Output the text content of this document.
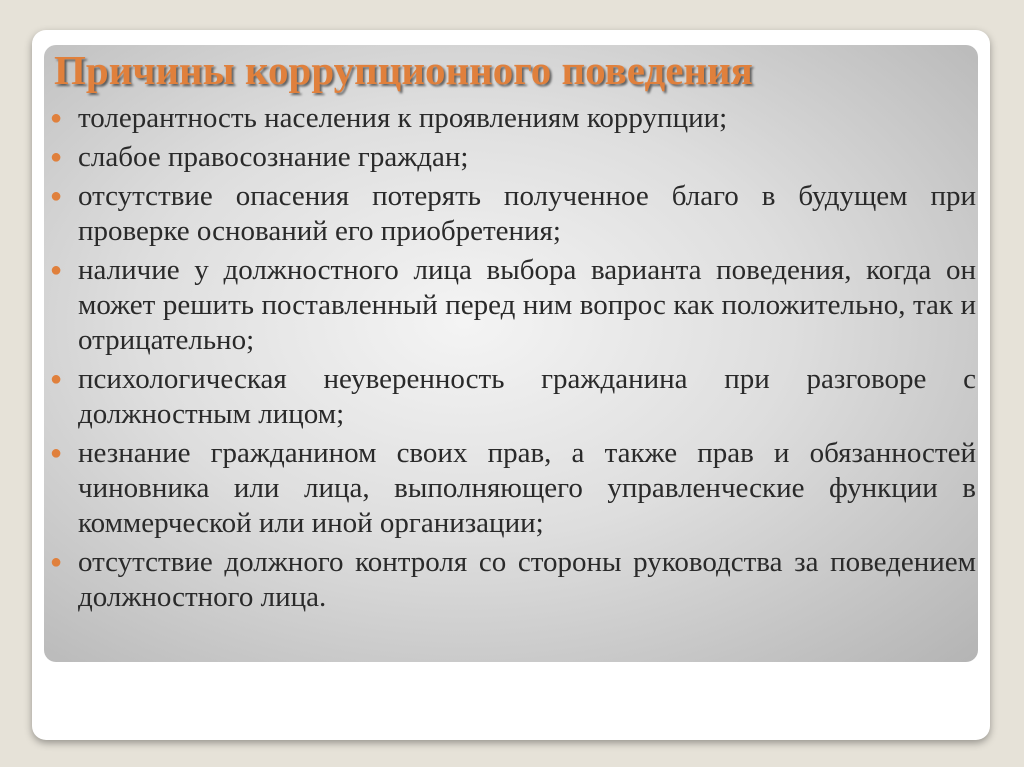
Причины коррупционного поведения
● толерантность населения к проявлениям коррупции;
● слабое правосознание граждан;
● отсутствие опасения потерять полученное благо в будущем при проверке оснований его приобретения;
● наличие у должностного лица выбора варианта поведения, когда он может решить поставленный перед ним вопрос как положительно, так и отрицательно;
● психологическая неуверенность гражданина при разговоре с должностным лицом;
● незнание гражданином своих прав, а также прав и обязанностей чиновника или лица, выполняющего управленческие функции в коммерческой или иной организации;
● отсутствие должного контроля со стороны руководства за поведением должностного лица.
